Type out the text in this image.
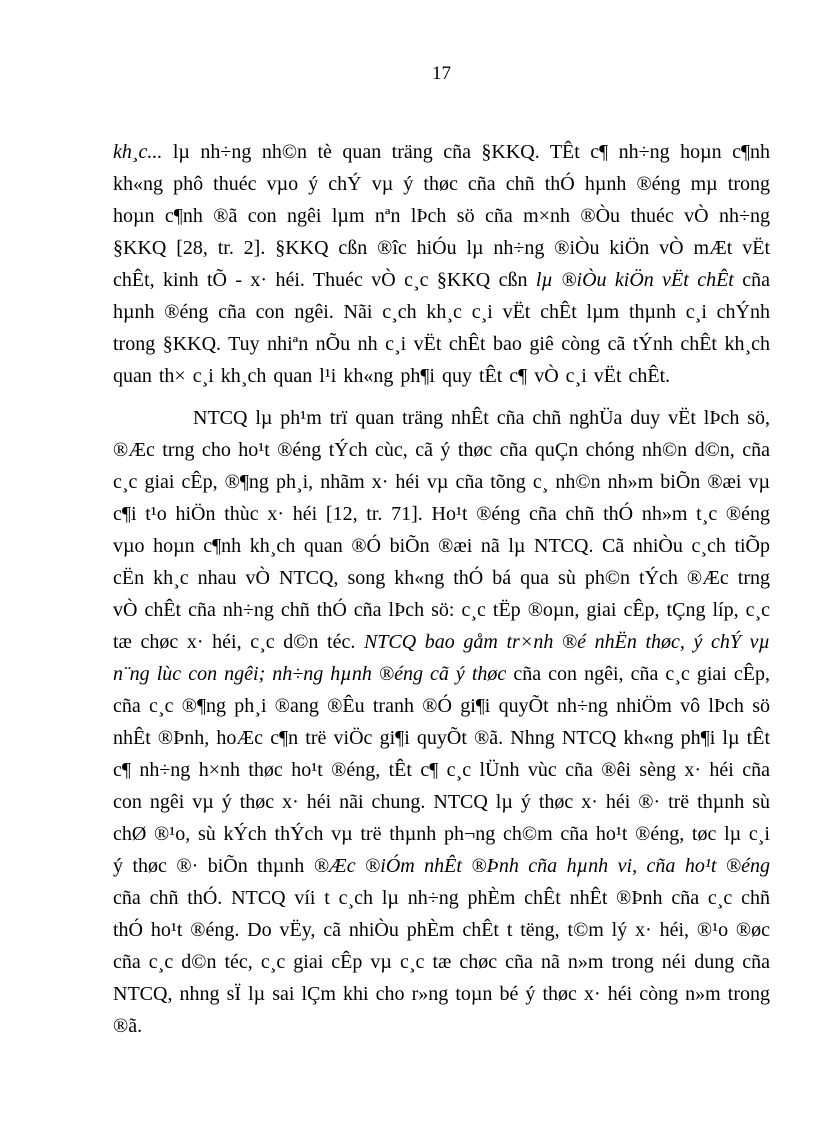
17

kh¸c... lµ nh÷ng nh©n tè quan träng cña §KKQ. TÊt c¶ nh÷ng hoµn c¶nh kh«ng phô thuéc vµo ý chÝ vµ ý thøc cña chñ thÓ hµnh ®éng mµ trong hoµn c¶nh ®ã con ngêi lµm nªn lÞch sö cña m×nh ®Òu thuéc vÒ nh÷ng §KKQ [28, tr. 2]. §KKQ cßn ®îc hiÓu lµ nh÷ng ®iÒu kiÖn vÒ mÆt vËt chÊt, kinh tÕ - x· héi. Thuéc vÒ c¸c §KKQ cßn lµ ®iÒu kiÖn vËt chÊt cña hµnh ®éng cña con ngêi. Nãi c¸ch kh¸c c¸i vËt chÊt lµm thµnh c¸i chÝnh trong §KKQ. Tuy nhiªn nÕu nh c¸i vËt chÊt bao giê còng cã tÝnh chÊt kh¸ch quan th× c¸i kh¸ch quan l¹i kh«ng ph¶i quy tÊt c¶ vÒ c¸i vËt chÊt.

NTCQ lµ ph¹m trï quan träng nhÊt cña chñ nghÜa duy vËt lÞch sö, ®Æc trng cho ho¹t ®éng tÝch cùc, cã ý thøc cña quÇn chóng nh©n d©n, cña c¸c giai cÊp, ®¶ng ph¸i, nhãm x· héi vµ cña tõng c¸ nh©n nh»m biÕn ®æi vµ c¶i t¹o hiÖn thùc x· héi [12, tr. 71]. Ho¹t ®éng cña chñ thÓ nh»m t¸c ®éng vµo hoµn c¶nh kh¸ch quan ®Ó biÕn ®æi nã lµ NTCQ. Cã nhiÒu c¸ch tiÕp cËn kh¸c nhau vÒ NTCQ, song kh«ng thÓ bá qua sù ph©n tÝch ®Æc trng vÒ chÊt cña nh÷ng chñ thÓ cña lÞch sö: c¸c tËp ®oµn, giai cÊp, tÇng líp, c¸c tæ chøc x· héi, c¸c d©n téc. NTCQ bao gåm tr×nh ®é nhËn thøc, ý chÝ vµ n¨ng lùc con ngêi; nh÷ng hµnh ®éng cã ý thøc cña con ngêi, cña c¸c giai cÊp, cña c¸c ®¶ng ph¸i ®ang ®Êu tranh ®Ó gi¶i quyÕt nh÷ng nhiÖm vô lÞch sö nhÊt ®Þnh, hoÆc c¶n trë viÖc gi¶i quyÕt ®ã. Nhng NTCQ kh«ng ph¶i lµ tÊt c¶ nh÷ng h×nh thøc ho¹t ®éng, tÊt c¶ c¸c lÜnh vùc cña ®êi sèng x· héi cña con ngêi vµ ý thøc x· héi nãi chung. NTCQ lµ ý thøc x· héi ®· trë thµnh sù chØ ®¹o, sù kÝch thÝch vµ trë thµnh ph¬ng ch©m cña ho¹t ®éng, tøc lµ c¸i ý thøc ®· biÕn thµnh ®Æc ®iÓm nhÊt ®Þnh cña hµnh vi, cña ho¹t ®éng cña chñ thÓ. NTCQ víi t c¸ch lµ nh÷ng phÈm chÊt nhÊt ®Þnh cña c¸c chñ thÓ ho¹t ®éng. Do vËy, cã nhiÒu phÈm chÊt t tëng, t©m lý x· héi, ®¹o ®øc cña c¸c d©n téc, c¸c giai cÊp vµ c¸c tæ chøc cña nã n»m trong néi dung cña NTCQ, nhng sÏ lµ sai lÇm khi cho r»ng toµn bé ý thøc x· héi còng n»m trong ®ã.
